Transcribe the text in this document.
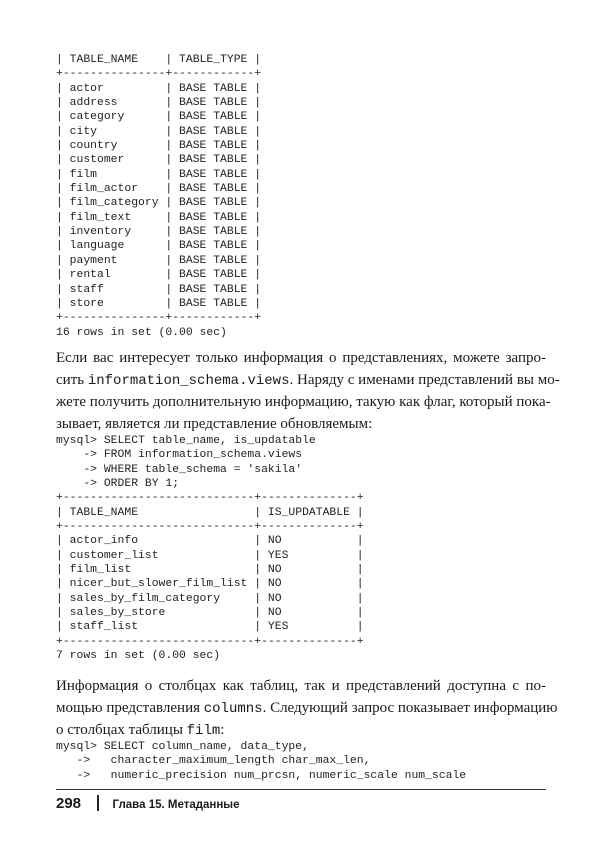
| TABLE_NAME    | TABLE_TYPE |
+---------------+------------+
| actor         | BASE TABLE |
| address       | BASE TABLE |
| category      | BASE TABLE |
| city          | BASE TABLE |
| country       | BASE TABLE |
| customer      | BASE TABLE |
| film          | BASE TABLE |
| film_actor    | BASE TABLE |
| film_category | BASE TABLE |
| film_text     | BASE TABLE |
| inventory     | BASE TABLE |
| language      | BASE TABLE |
| payment       | BASE TABLE |
| rental        | BASE TABLE |
| staff         | BASE TABLE |
| store         | BASE TABLE |
+---------------+------------+
16 rows in set (0.00 sec)
Если вас интересует только информация о представлениях, можете запро-
сить information_schema.views. Наряду с именами представлений вы мо-
жете получить дополнительную информацию, такую как флаг, который пока-
зывает, является ли представление обновляемым:
mysql> SELECT table_name, is_updatable
-> FROM information_schema.views
-> WHERE table_schema = 'sakila'
-> ORDER BY 1;
+----------------------------+--------------+
| TABLE_NAME                 | IS_UPDATABLE |
+----------------------------+--------------+
| actor_info                 | NO           |
| customer_list              | YES          |
| film_list                  | NO           |
| nicer_but_slower_film_list | NO           |
| sales_by_film_category     | NO           |
| sales_by_store             | NO           |
| staff_list                 | YES          |
+----------------------------+--------------+
7 rows in set (0.00 sec)
Информация о столбцах как таблиц, так и представлений доступна с по-
мощью представления columns. Следующий запрос показывает информацию
о столбцах таблицы film:
mysql> SELECT column_name, data_type,
->   character_maximum_length char_max_len,
->   numeric_precision num_prcsn, numeric_scale num_scale
298	Глава 15. Метаданные
